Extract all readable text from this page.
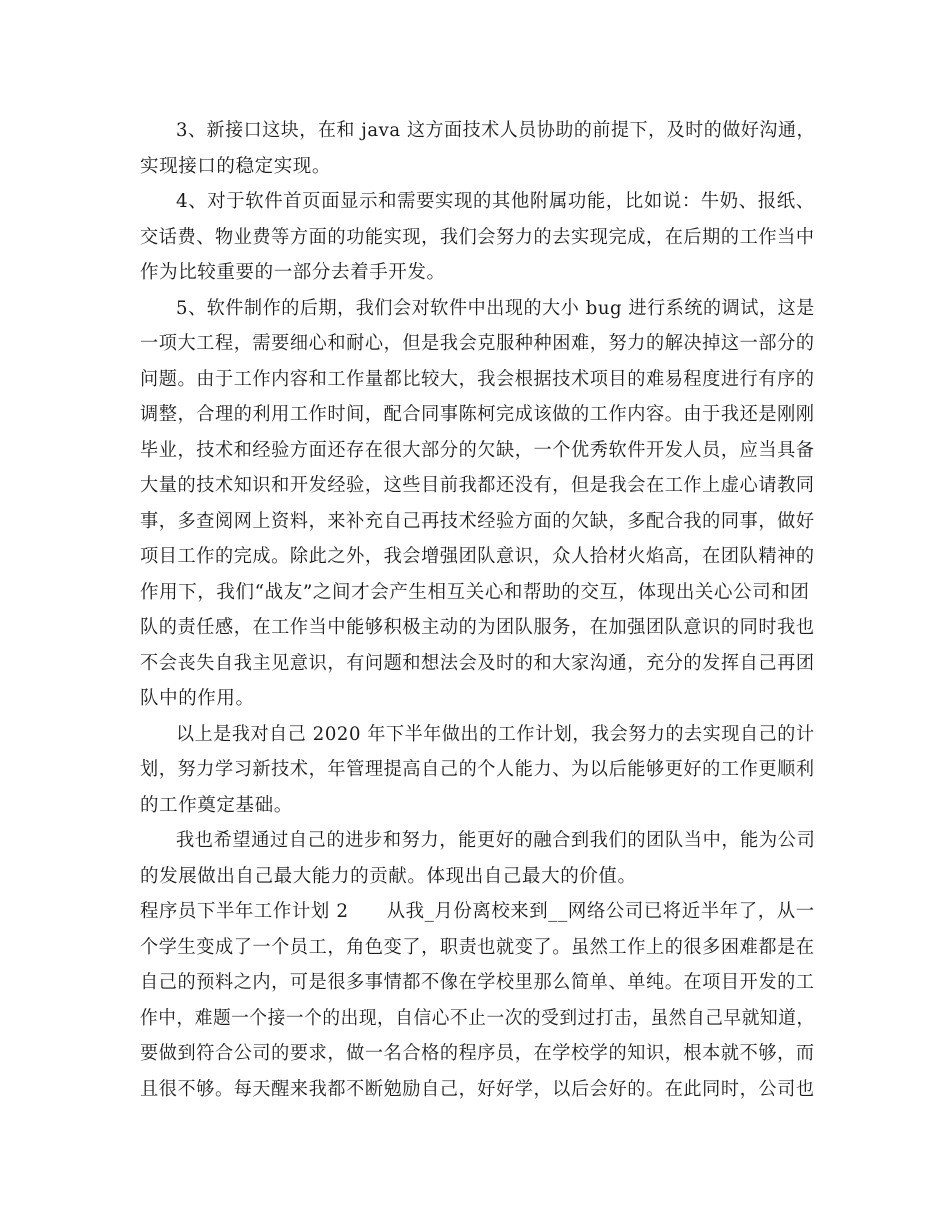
3、新接口这块，在和 java 这方面技术人员协助的前提下，及时的做好沟通，
实现接口的稳定实现。
4、对于软件首页面显示和需要实现的其他附属功能，比如说：牛奶、报纸、
交话费、物业费等方面的功能实现，我们会努力的去实现完成，在后期的工作当中
作为比较重要的一部分去着手开发。
5、软件制作的后期，我们会对软件中出现的大小 bug 进行系统的调试，这是
一项大工程，需要细心和耐心，但是我会克服种种困难，努力的解决掉这一部分的
问题。由于工作内容和工作量都比较大，我会根据技术项目的难易程度进行有序的
调整，合理的利用工作时间，配合同事陈柯完成该做的工作内容。由于我还是刚刚
毕业，技术和经验方面还存在很大部分的欠缺，一个优秀软件开发人员，应当具备
大量的技术知识和开发经验，这些目前我都还没有，但是我会在工作上虚心请教同
事，多查阅网上资料，来补充自己再技术经验方面的欠缺，多配合我的同事，做好
项目工作的完成。除此之外，我会增强团队意识，众人拾材火焰高，在团队精神的
作用下，我们“战友”之间才会产生相互关心和帮助的交互，体现出关心公司和团
队的责任感，在工作当中能够积极主动的为团队服务，在加强团队意识的同时我也
不会丧失自我主见意识，有问题和想法会及时的和大家沟通，充分的发挥自己再团
队中的作用。
以上是我对自己 2020 年下半年做出的工作计划，我会努力的去实现自己的计
划，努力学习新技术，年管理提高自己的个人能力、为以后能够更好的工作更顺利
的工作奠定基础。
我也希望通过自己的进步和努力，能更好的融合到我们的团队当中，能为公司
的发展做出自己最大能力的贡献。体现出自己最大的价值。
程序员下半年工作计划 2　　从我_月份离校来到__网络公司已将近半年了，从一
个学生变成了一个员工，角色变了，职责也就变了。虽然工作上的很多困难都是在
自己的预料之内，可是很多事情都不像在学校里那么简单、单纯。在项目开发的工
作中，难题一个接一个的出现，自信心不止一次的受到过打击，虽然自己早就知道，
要做到符合公司的要求，做一名合格的程序员，在学校学的知识，根本就不够，而
且很不够。每天醒来我都不断勉励自己，好好学，以后会好的。在此同时，公司也
